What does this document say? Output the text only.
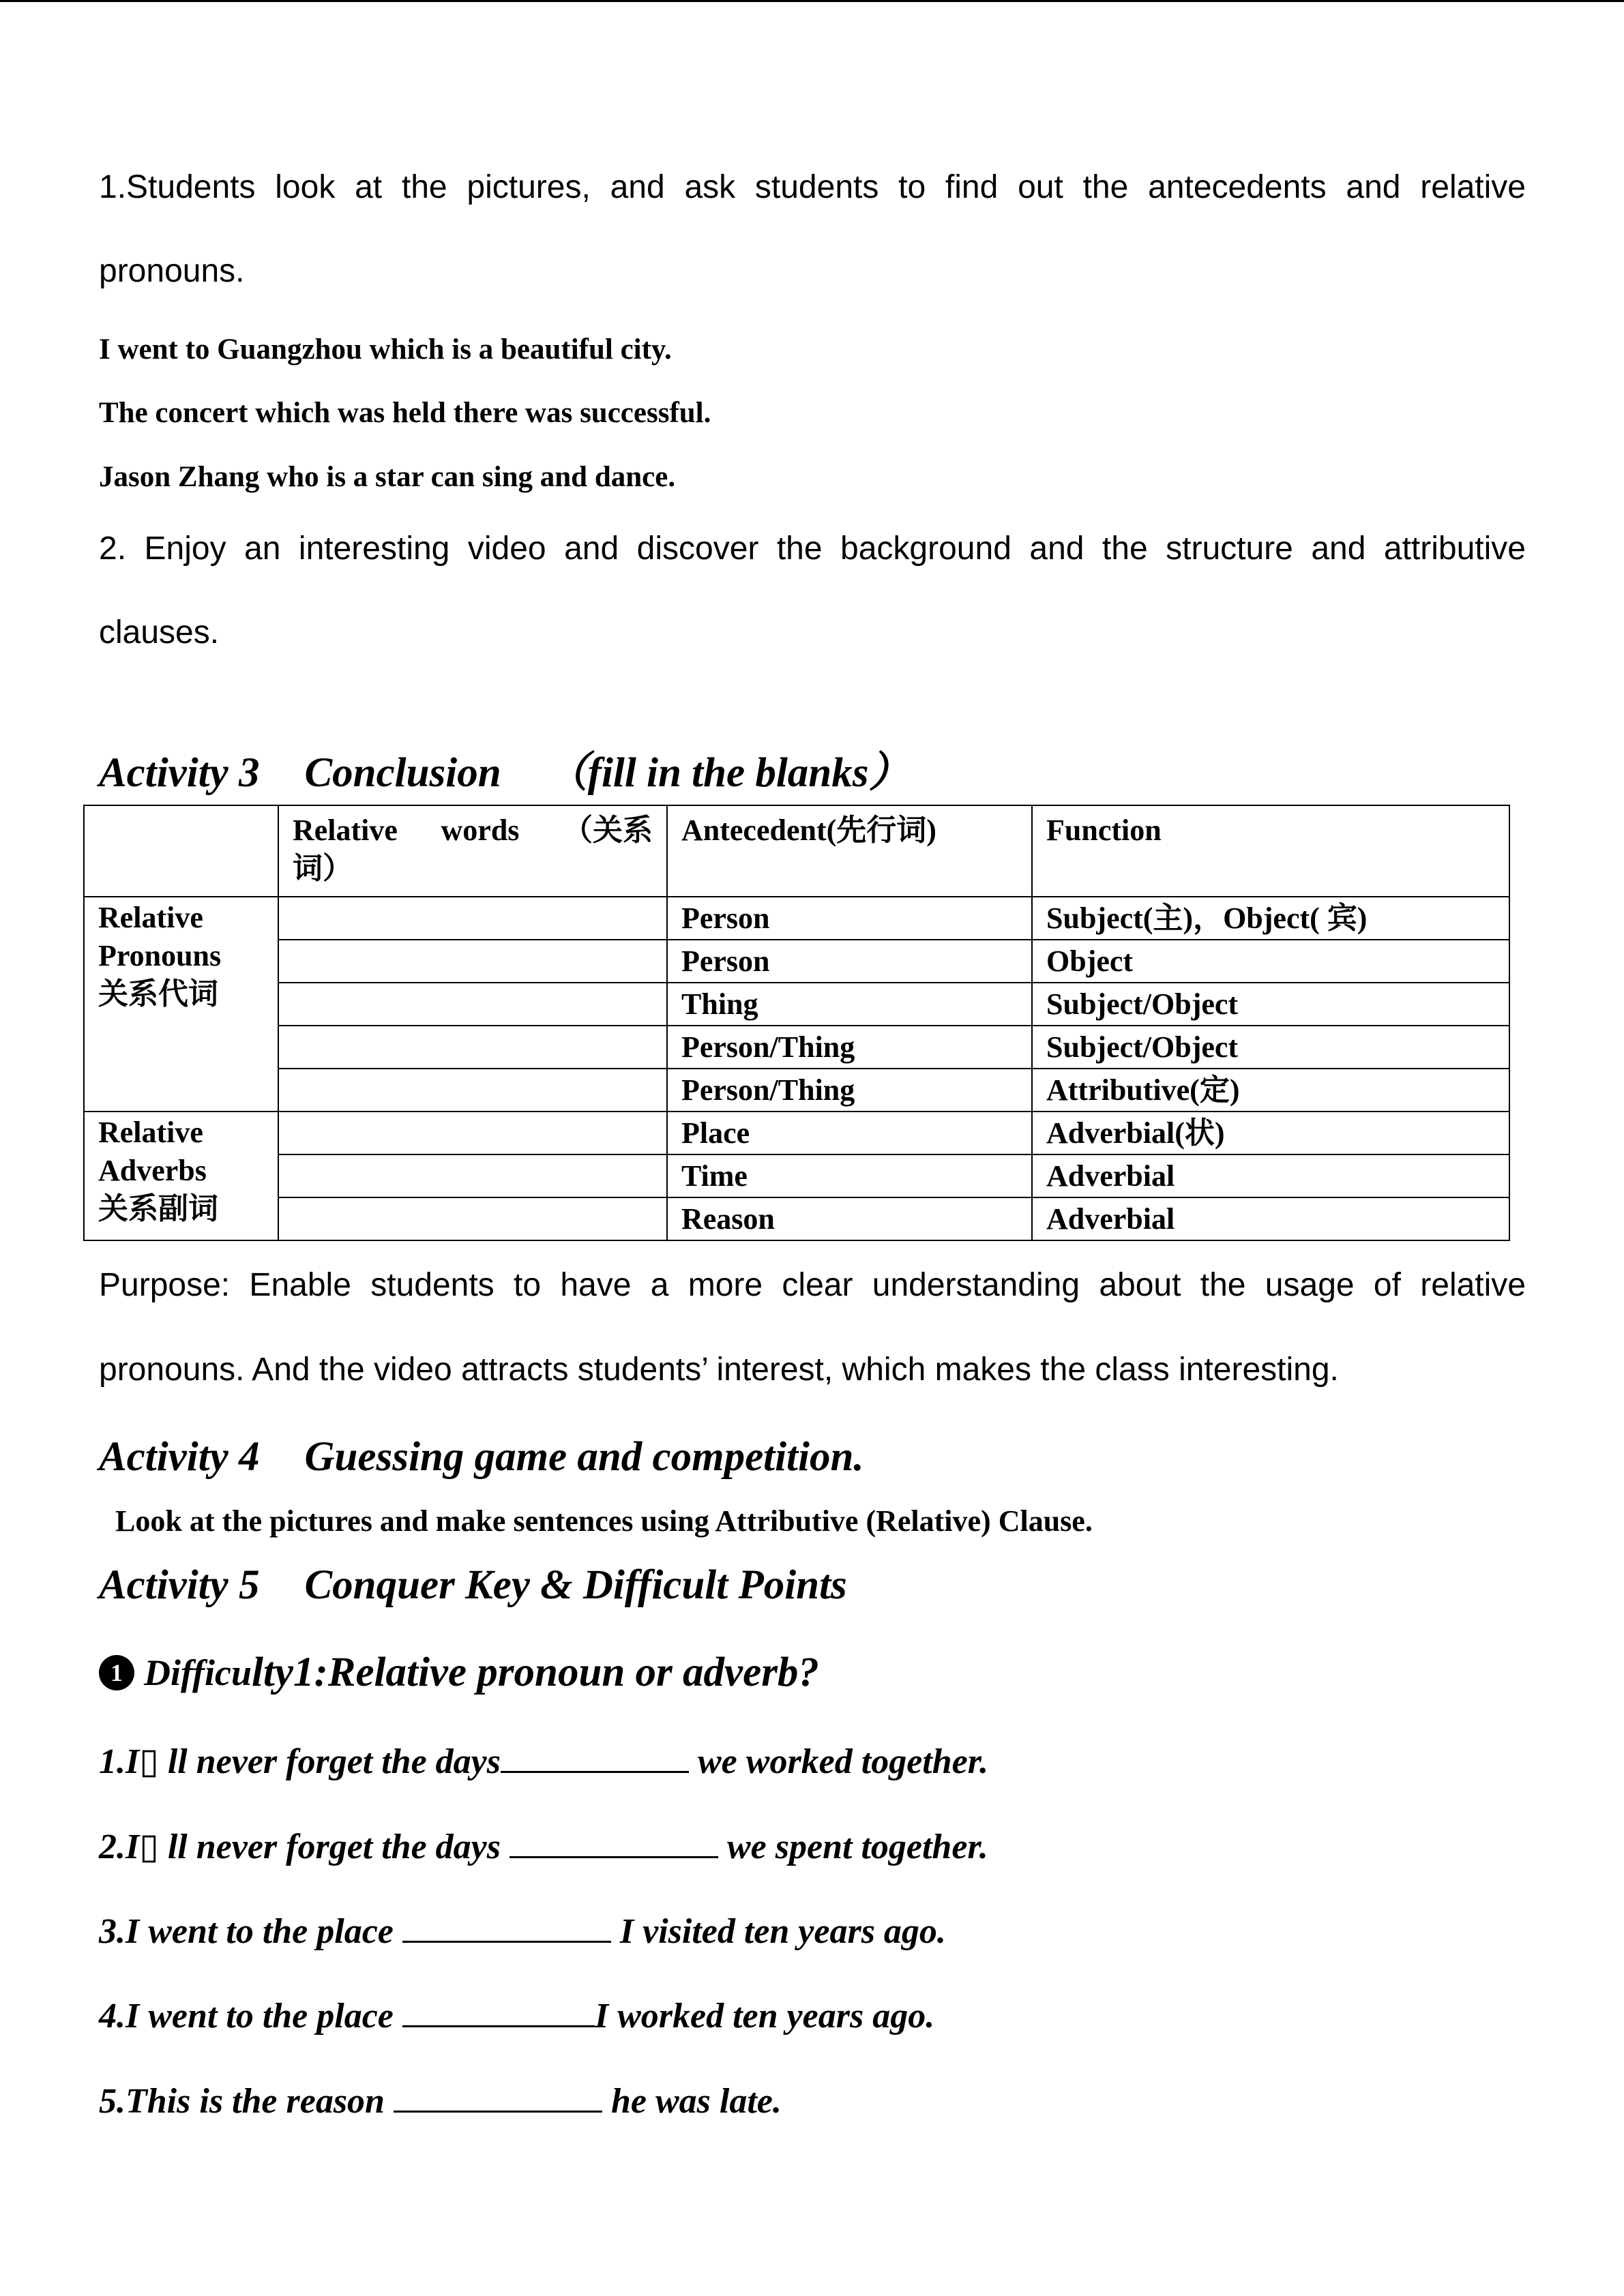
1.Students look at the pictures, and ask students to find out the antecedents and relative

pronouns.

I went to Guangzhou which is a beautiful city.

The concert which was held there was successful.

Jason Zhang who is a star can sing and dance.

2. Enjoy an interesting video and discover the background and the structure and attributive

clauses.

Activity 3 Conclusion （fill in the blanks）

	Relative words （关系
词）	Antecedent(先行词)	Function

Relative
Pronouns
关系代词		Person	Subject(主)，Object( 宾)
		Person	Object
		Thing	Subject/Object
		Person/Thing	Subject/Object
		Person/Thing	Attributive(定)

Relative
Adverbs
关系副词		Place	Adverbial(状)
		Time	Adverbial
		Reason	Adverbial

Purpose: Enable students to have a more clear understanding about the usage of relative

pronouns. And the video attracts students’ interest, which makes the class interesting.

Activity 4 Guessing game and competition.

Look at the pictures and make sentences using Attributive (Relative) Clause.

Activity 5 Conquer Key & Difficult Points

1 Difficu lty1:Relative pronoun or adverb?

1.I▯ ll never forget the days	we worked together.

2.I▯ ll never forget the days	we spent together.

3.I went to the place	I visited ten years ago.

4.I went to the place	I worked ten years ago.

5.This is the reason	he was late.
